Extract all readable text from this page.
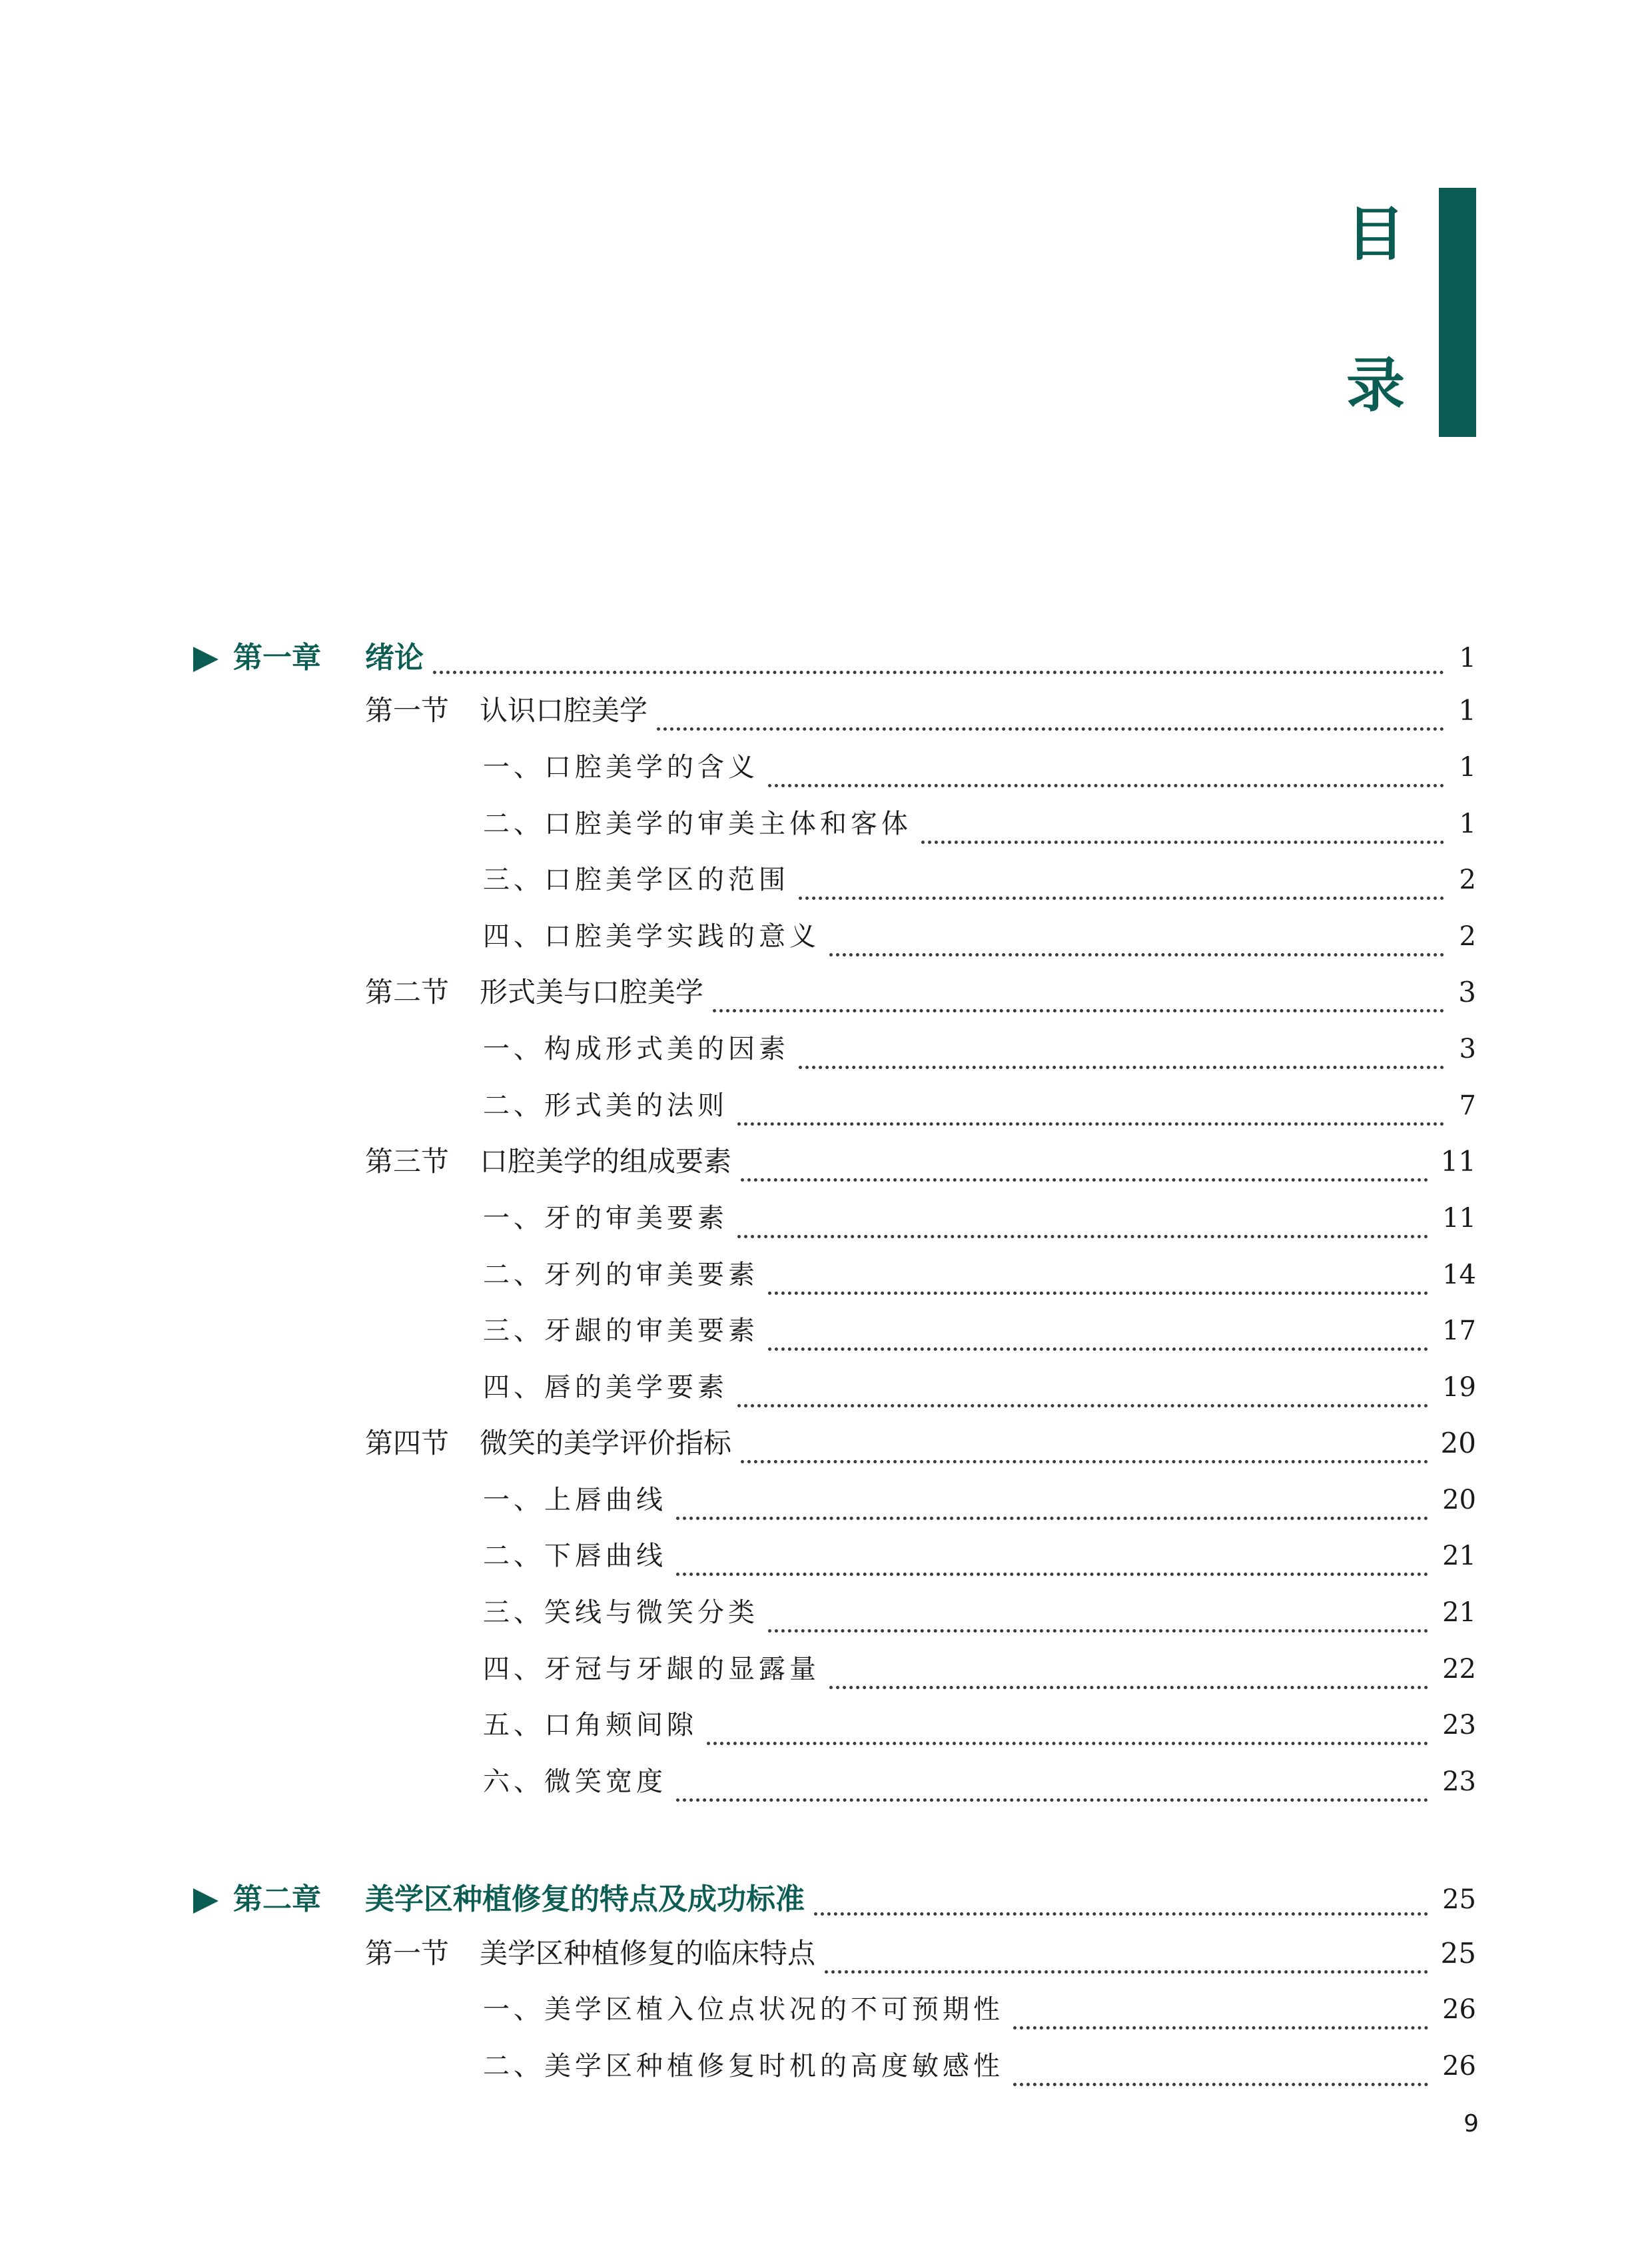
目
录
第一章 绪论	1
第一节 认识口腔美学	1
一、口腔美学的含义	1
二、口腔美学的审美主体和客体	1
三、口腔美学区的范围	2
四、口腔美学实践的意义	2
第二节 形式美与口腔美学	3
一、构成形式美的因素	3
二、形式美的法则	7
第三节 口腔美学的组成要素	11
一、牙的审美要素	11
二、牙列的审美要素	14
三、牙龈的审美要素	17
四、唇的美学要素	19
第四节 微笑的美学评价指标	20
一、上唇曲线	20
二、下唇曲线	21
三、笑线与微笑分类	21
四、牙冠与牙龈的显露量	22
五、口角颊间隙	23
六、微笑宽度	23
第二章 美学区种植修复的特点及成功标准	25
第一节 美学区种植修复的临床特点	25
一、美学区植入位点状况的不可预期性	26
二、美学区种植修复时机的高度敏感性	26
9
